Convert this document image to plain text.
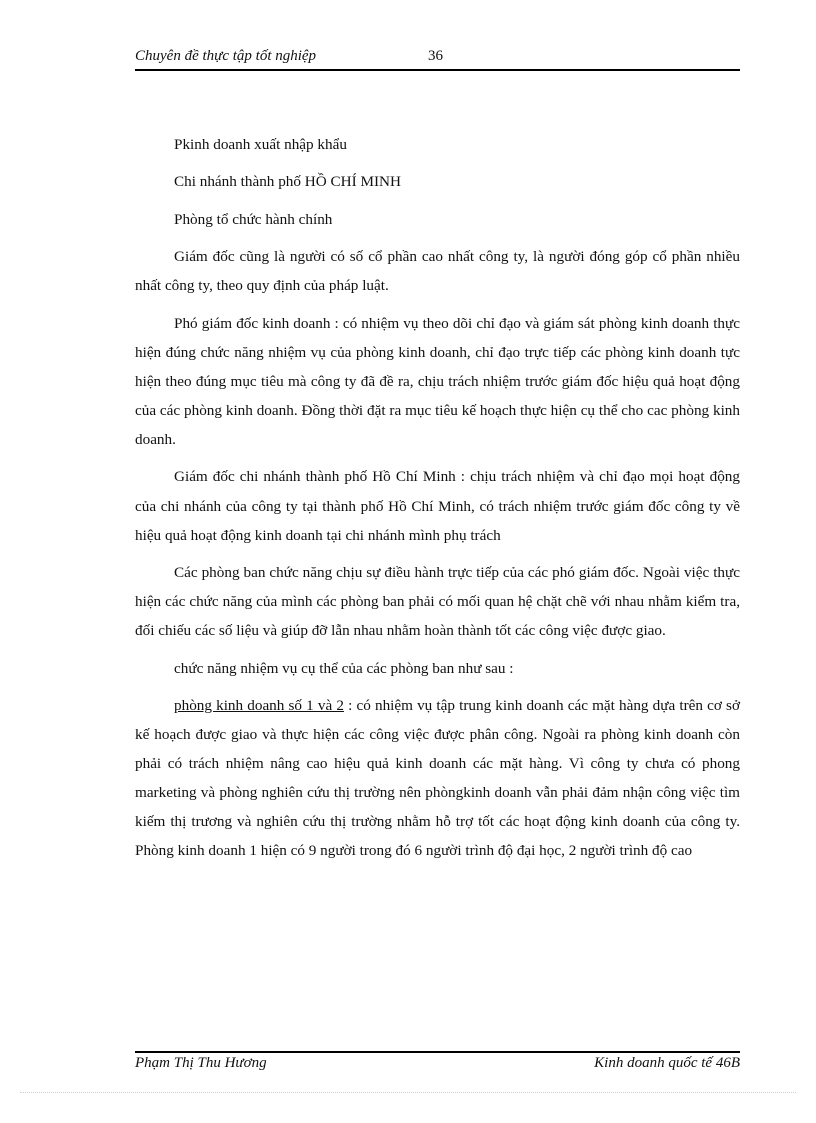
Chuyên đề thực tập tốt nghiệp	36

Pkinh doanh xuất nhập khẩu

Chi nhánh thành phố HỒ CHÍ MINH

Phòng tổ chức hành chính

Giám đốc cũng là người có số cổ phần cao nhất công ty, là người đóng góp cổ phần nhiều nhất công ty, theo quy định của pháp luật.

Phó giám đốc kinh doanh : có nhiệm vụ theo dõi chỉ đạo và giám sát phòng kinh doanh thực hiện đúng chức năng nhiệm vụ của phòng kinh doanh, chỉ đạo trực tiếp các phòng kinh doanh tực hiện theo đúng mục tiêu mà công ty đã đề ra, chịu trách nhiệm trước giám đốc hiệu quả hoạt động của các phòng kinh doanh. Đồng thời đặt ra mục tiêu kế hoạch thực hiện cụ thể cho cac phòng kinh doanh.

Giám đốc chi nhánh thành phố Hồ Chí Minh : chịu trách nhiệm và chỉ đạo mọi hoạt động của chi nhánh của công ty tại thành phố Hồ Chí Minh, có trách nhiệm trước giám đốc công ty về hiệu quả hoạt động kinh doanh tại chi nhánh mình phụ trách

Các phòng ban chức năng chịu sự điều hành trực tiếp của các phó giám đốc. Ngoài việc thực hiện các chức năng của mình các phòng ban phải có mối quan hệ chặt chẽ với nhau nhằm kiểm tra, đối chiếu các số liệu và giúp đỡ lẫn nhau nhằm hoàn thành tốt các công việc được giao.

chức năng nhiệm vụ cụ thể của các phòng ban như sau :

phòng kinh doanh số 1 và 2 : có nhiệm vụ tập trung kinh doanh các mặt hàng dựa trên cơ sở kế hoạch được giao và thực hiện các công việc được phân công. Ngoài ra phòng kinh doanh còn phải có trách nhiệm nâng cao hiệu quả kinh doanh các mặt hàng. Vì công ty chưa có phong marketing và phòng nghiên cứu thị trường nên phòngkinh doanh vẫn phải đảm nhận công việc tìm kiếm thị trương và nghiên cứu thị trường nhằm hỗ trợ tốt các hoạt động kinh doanh của công ty. Phòng kinh doanh 1 hiện có 9 người trong đó 6 người trình độ đại học, 2 người trình độ cao

Phạm Thị Thu Hương	Kinh doanh quốc tế 46B
